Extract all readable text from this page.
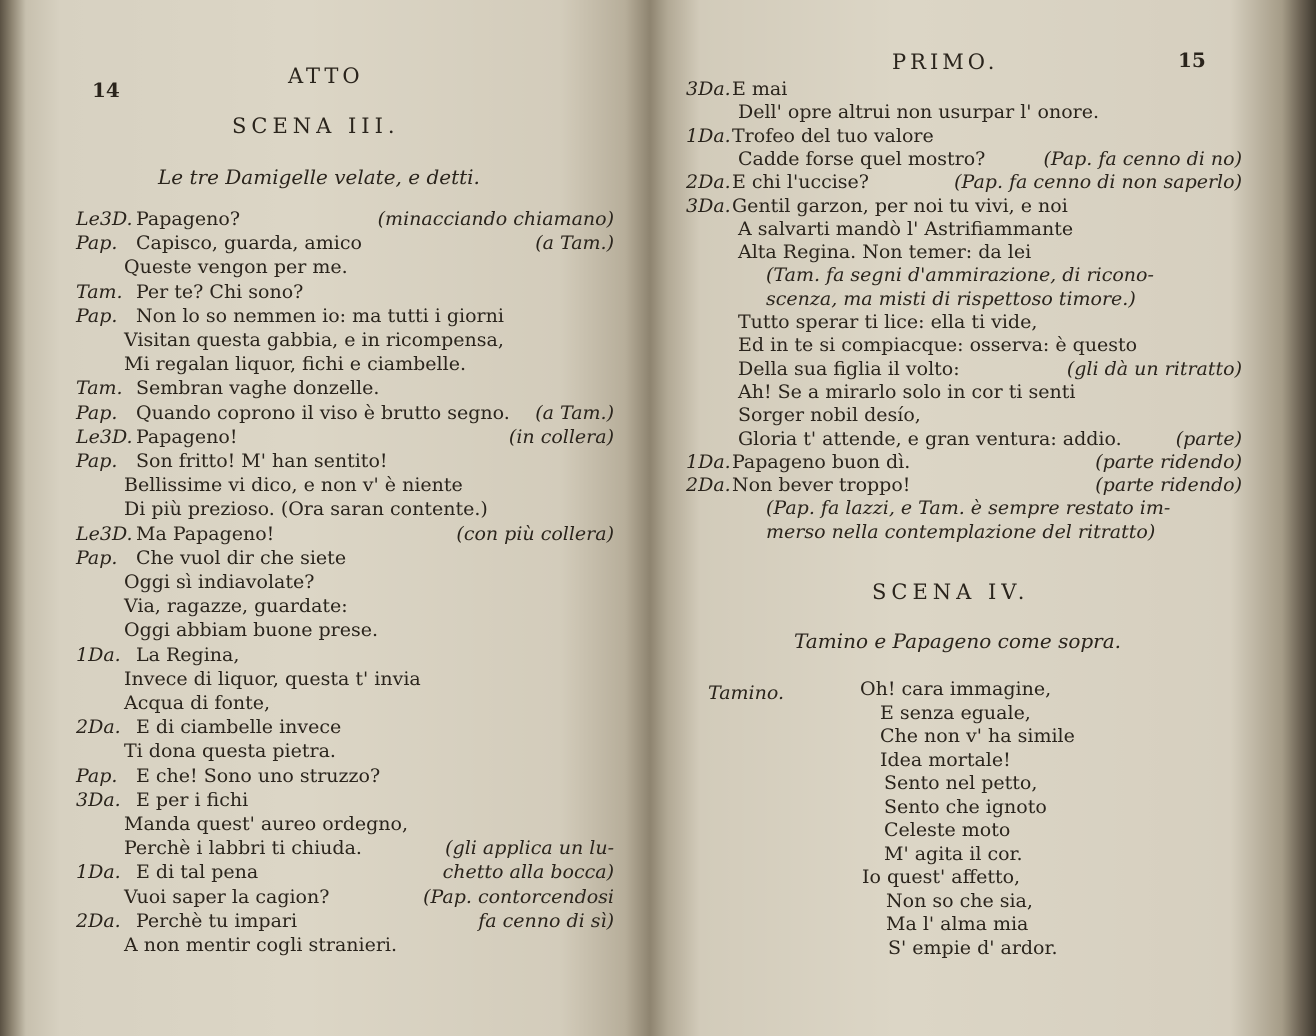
14
ATTO
SCENA III.
Le tre Damigelle velate, e detti.
Le3D. Papageno?	(minacciando chiamano)
Pap. Capisco, guarda, amico	(a Tam.)
Queste vengon per me.
Tam. Per te? Chi sono?
Pap. Non lo so nemmen io: ma tutti i giorni
Visitan questa gabbia, e in ricompensa,
Mi regalan liquor, fichi e ciambelle.
Tam. Sembran vaghe donzelle.
Pap. Quando coprono il viso è brutto segno. (a Tam.)
Le3D. Papageno!	(in collera)
Pap. Son fritto! M' han sentito!
Bellissime vi dico, e non v' è niente
Di più prezioso. (Ora saran contente.)
Le3D. Ma Papageno!	(con più collera)
Pap. Che vuol dir che siete
Oggi sì indiavolate?
Via, ragazze, guardate:
Oggi abbiam buone prese.
1Da. La Regina,
Invece di liquor, questa t' invia
Acqua di fonte,
2Da. E di ciambelle invece
Ti dona questa pietra.
Pap. E che! Sono uno struzzo?
3Da. E per i fichi
Manda quest' aureo ordegno,
Perchè i labbri ti chiuda.	(gli applica un lu-
1Da. E di tal pena	chetto alla bocca)
Vuoi saper la cagion?	(Pap. contorcendosi
2Da. Perchè tu impari	fa cenno di sì)
A non mentir cogli stranieri.
PRIMO.	15
3Da. E mai
Dell' opre altrui non usurpar l' onore.
1Da. Trofeo del tuo valore
Cadde forse quel mostro?	(Pap. fa cenno di no)
2Da. E chi l'uccise?	(Pap. fa cenno di non saperlo)
3Da. Gentil garzon, per noi tu vivi, e noi
A salvarti mandò l' Astrifiammante
Alta Regina. Non temer: da lei
(Tam. fa segni d'ammirazione, di ricono-
scenza, ma misti di rispettoso timore.)
Tutto sperar ti lice: ella ti vide,
Ed in te si compiacque: osserva: è questo
Della sua figlia il volto:	(gli dà un ritratto)
Ah! Se a mirarlo solo in cor ti senti
Sorger nobil desío,
Gloria t' attende, e gran ventura: addio.	(parte)
1Da. Papageno buon dì.	(parte ridendo)
2Da. Non bever troppo!	(parte ridendo)
(Pap. fa lazzi, e Tam. è sempre restato im-
merso nella contemplazione del ritratto)
SCENA IV.
Tamino e Papageno come sopra.
Tamino.	Oh! cara immagine,
E senza eguale,
Che non v' ha simile
Idea mortale!
Sento nel petto,
Sento che ignoto
Celeste moto
M' agita il cor.
Io quest' affetto,
Non so che sia,
Ma l' alma mia
S' empie d' ardor.
